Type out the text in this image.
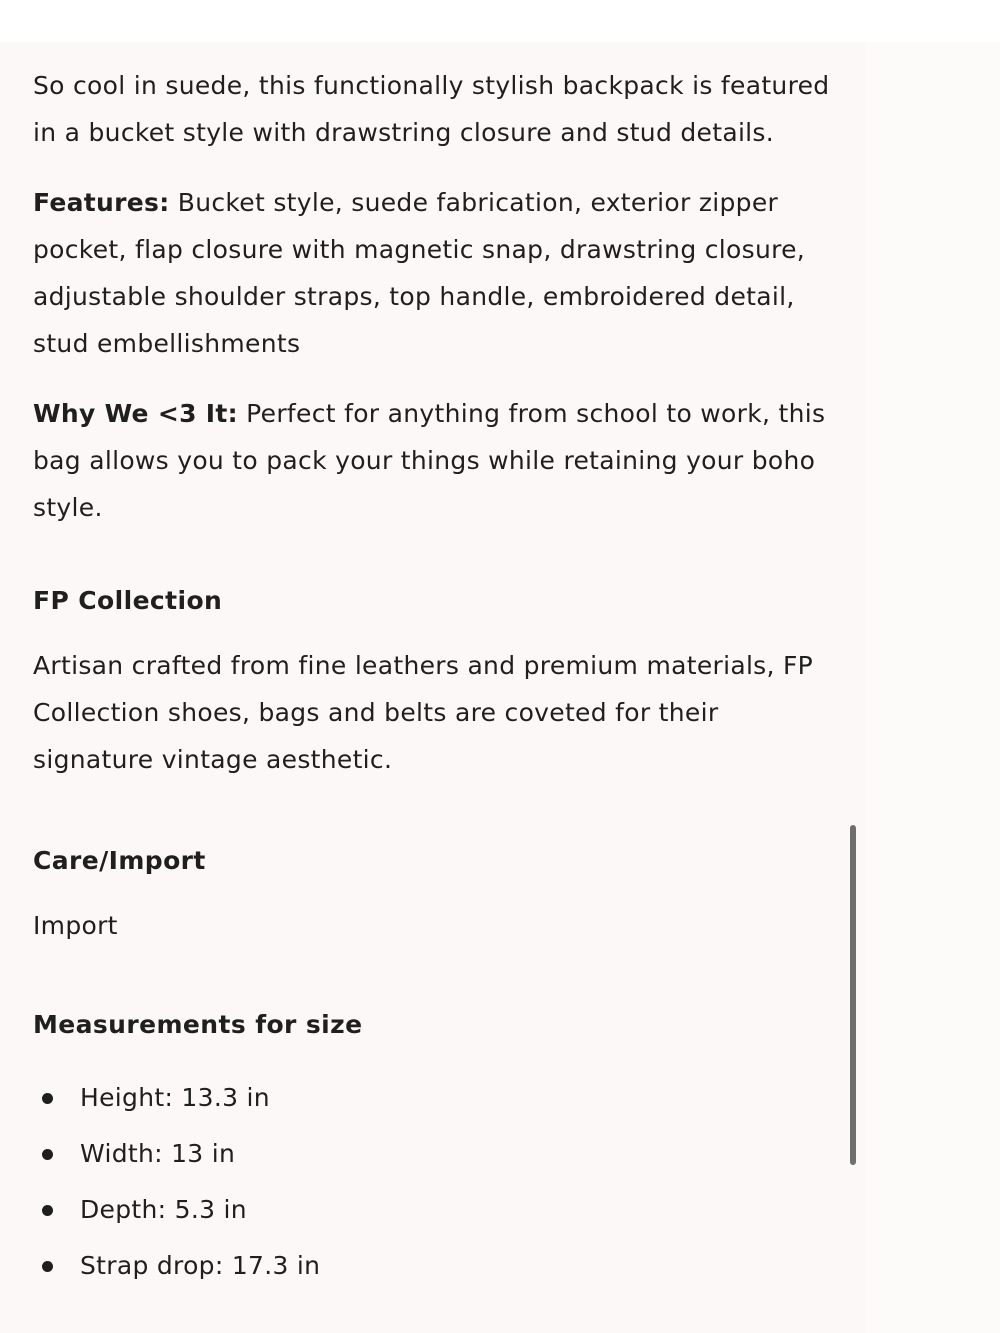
So cool in suede, this functionally stylish backpack is featured in a bucket style with drawstring closure and stud details.

Features: Bucket style, suede fabrication, exterior zipper pocket, flap closure with magnetic snap, drawstring closure, adjustable shoulder straps, top handle, embroidered detail, stud embellishments

Why We <3 It: Perfect for anything from school to work, this bag allows you to pack your things while retaining your boho style.

FP Collection

Artisan crafted from fine leathers and premium materials, FP Collection shoes, bags and belts are coveted for their signature vintage aesthetic.

Care/Import

Import

Measurements for size
Height: 13.3 in
Width: 13 in
Depth: 5.3 in
Strap drop: 17.3 in
